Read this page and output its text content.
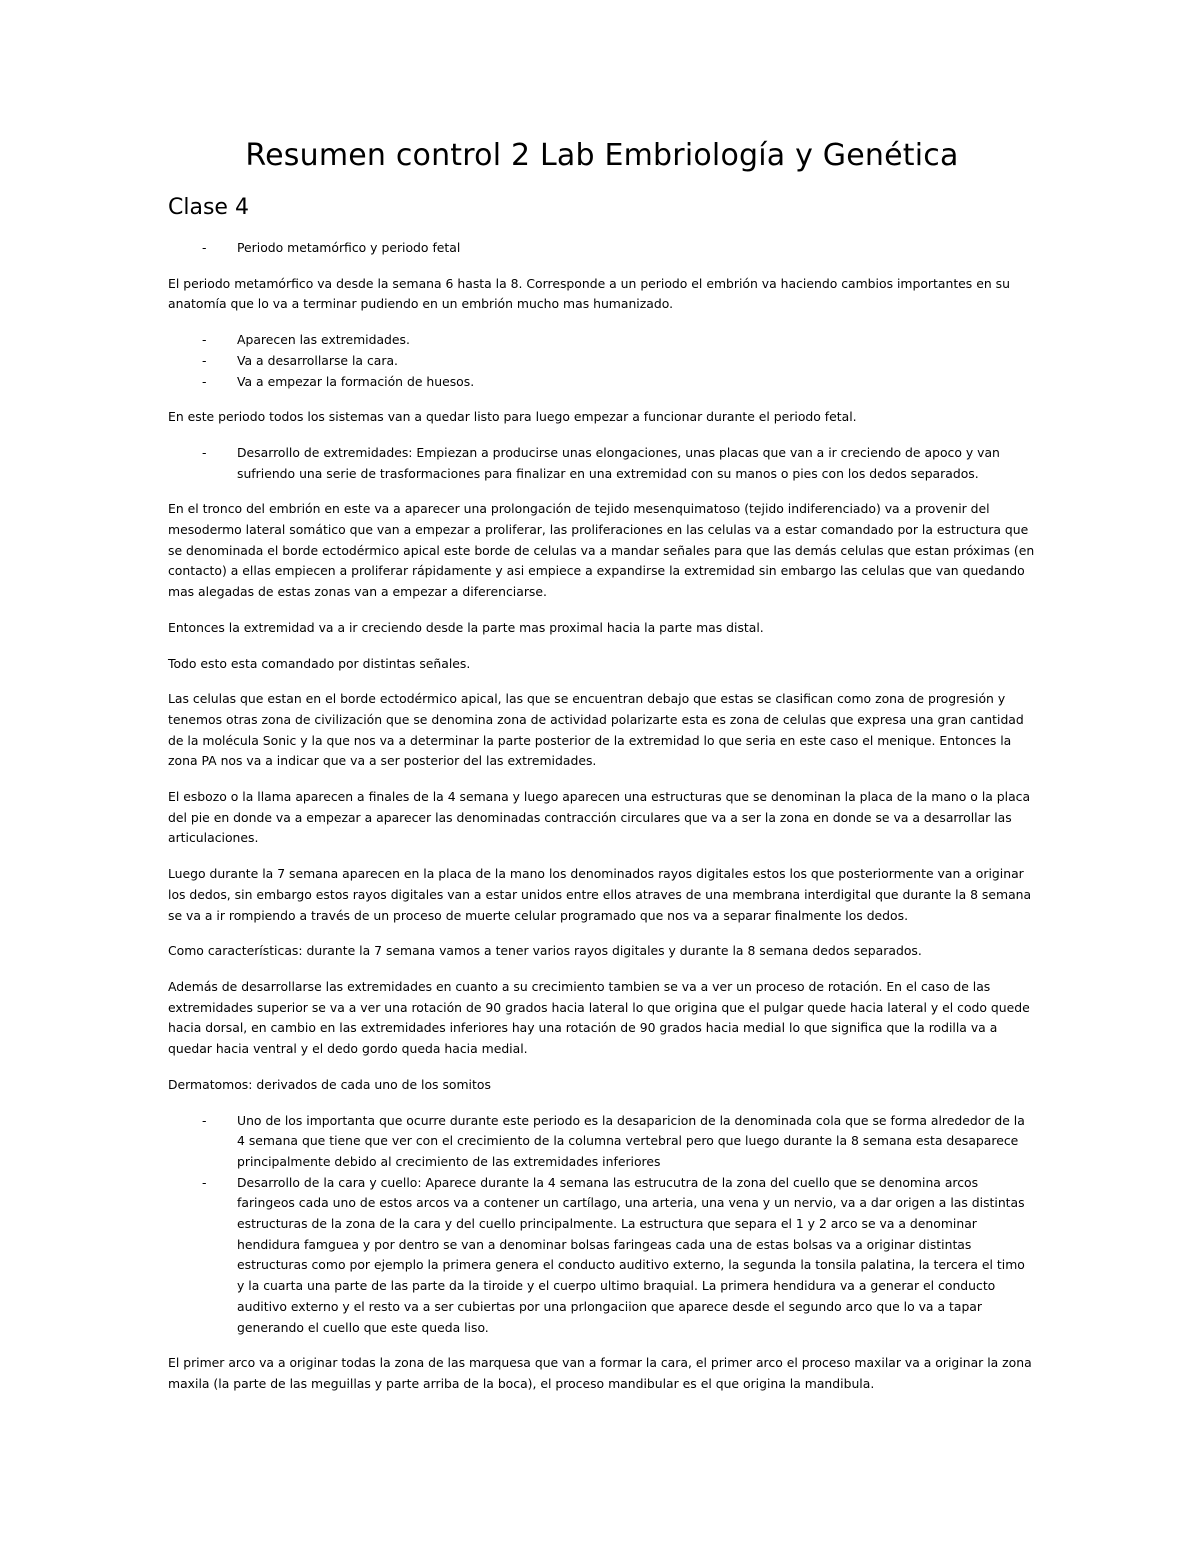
Resumen control 2 Lab Embriología y Genética
Clase 4
- Periodo metamórfico y periodo fetal

El periodo metamórfico va desde la semana 6 hasta la 8. Corresponde a un periodo el embrión va haciendo cambios importantes en su anatomía que lo va a terminar pudiendo en un embrión mucho mas humanizado.

- Aparecen las extremidades.
- Va a desarrollarse la cara.
- Va a empezar la formación de huesos.

En este periodo todos los sistemas van a quedar listo para luego empezar a funcionar durante el periodo fetal.

- Desarrollo de extremidades: Empiezan a producirse unas elongaciones, unas placas que van a ir creciendo de apoco y van sufriendo una serie de trasformaciones para finalizar en una extremidad con su manos o pies con los dedos separados.

En el tronco del embrión en este va a aparecer una prolongación de tejido mesenquimatoso (tejido indiferenciado) va a provenir del mesodermo lateral somático que van a empezar a proliferar, las proliferaciones en las celulas va a estar comandado por la estructura que se denominada el borde ectodérmico apical este borde de celulas va a mandar señales para que las demás celulas que estan próximas (en contacto) a ellas empiecen a proliferar rápidamente y asi empiece a expandirse la extremidad sin embargo las celulas que van quedando mas alegadas de estas zonas van a empezar a diferenciarse.

Entonces la extremidad va a ir creciendo desde la parte mas proximal hacia la parte mas distal.

Todo esto esta comandado por distintas señales.

Las celulas que estan en el borde ectodérmico apical, las que se encuentran debajo que estas se clasifican como zona de progresión y tenemos otras zona de civilización que se denomina zona de actividad polarizarte esta es zona de celulas que expresa una gran cantidad de la molécula Sonic y la que nos va a determinar la parte posterior de la extremidad lo que seria en este caso el menique. Entonces la zona PA nos va a indicar que va a ser posterior del las extremidades.

El esbozo o la llama aparecen a finales de la 4 semana y luego aparecen una estructuras que se denominan la placa de la mano o la placa del pie en donde va a empezar a aparecer las denominadas contracción circulares que va a ser la zona en donde se va a desarrollar las articulaciones.

Luego durante la 7 semana aparecen en la placa de la mano los denominados rayos digitales estos los que posteriormente van a originar los dedos, sin embargo estos rayos digitales van a estar unidos entre ellos atraves de una membrana interdigital que durante la 8 semana se va a ir rompiendo a través de un proceso de muerte celular programado que nos va a separar finalmente los dedos.

Como características: durante la 7 semana vamos a tener varios rayos digitales y durante la 8 semana dedos separados.

Además de desarrollarse las extremidades en cuanto a su crecimiento tambien se va a ver un proceso de rotación. En el caso de las extremidades superior se va a ver una rotación de 90 grados hacia lateral lo que origina que el pulgar quede hacia lateral y el codo quede hacia dorsal, en cambio en las extremidades inferiores hay una rotación de 90 grados hacia medial lo que significa que la rodilla va a quedar hacia ventral y el dedo gordo queda hacia medial.

Dermatomos: derivados de cada uno de los somitos

- Uno de los importanta que ocurre durante este periodo es la desaparicion de la denominada cola que se forma alrededor de la 4 semana que tiene que ver con el crecimiento de la columna vertebral pero que luego durante la 8 semana esta desaparece principalmente debido al crecimiento de las extremidades inferiores
- Desarrollo de la cara y cuello: Aparece durante la 4 semana las estrucutra de la zona del cuello que se denomina arcos faringeos cada uno de estos arcos va a contener un cartílago, una arteria, una vena y un nervio, va a dar origen a las distintas estructuras de la zona de la cara y del cuello principalmente. La estructura que separa el 1 y 2 arco se va a denominar hendidura famguea y por dentro se van a denominar bolsas faringeas cada una de estas bolsas va a originar distintas estructuras como por ejemplo la primera genera el conducto auditivo externo, la segunda la tonsila palatina, la tercera el timo y la cuarta una parte de las parte da la tiroide y el cuerpo ultimo braquial. La primera hendidura va a generar el conducto auditivo externo y el resto va a ser cubiertas por una prlongaciion que aparece desde el segundo arco que lo va a tapar generando el cuello que este queda liso.

El primer arco va a originar todas la zona de las marquesa que van a formar la cara, el primer arco el proceso maxilar va a originar la zona maxila (la parte de las meguillas y parte arriba de la boca), el proceso mandibular es el que origina la mandibula.
